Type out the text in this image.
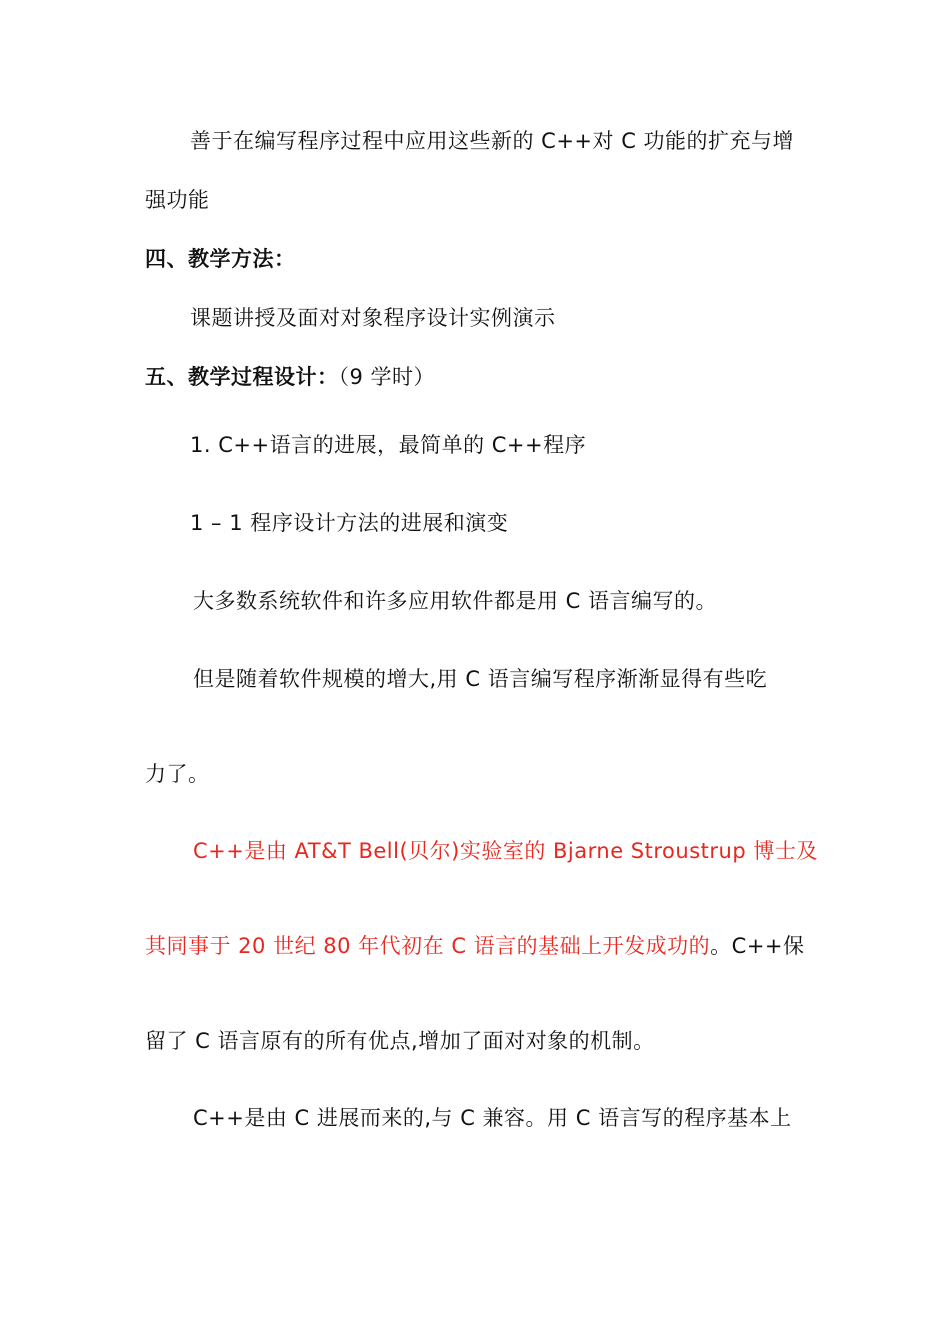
善于在编写程序过程中应用这些新的 C++对 C 功能的扩充与增
强功能
四、教学方法：
课题讲授及面对对象程序设计实例演示
五、教学过程设计：（9 学时）
1. C++语言的进展，最简单的 C++程序
1 – 1 程序设计方法的进展和演变
大多数系统软件和许多应用软件都是用 C 语言编写的。
但是随着软件规模的增大,用 C 语言编写程序渐渐显得有些吃
力了。
C++是由 AT&T Bell(贝尔)实验室的 Bjarne Stroustrup 博士及
其同事于 20 世纪 80 年代初在 C 语言的基础上开发成功的。C++保
留了 C 语言原有的所有优点,增加了面对对象的机制。
C++是由 C 进展而来的,与 C 兼容。用 C 语言写的程序基本上
